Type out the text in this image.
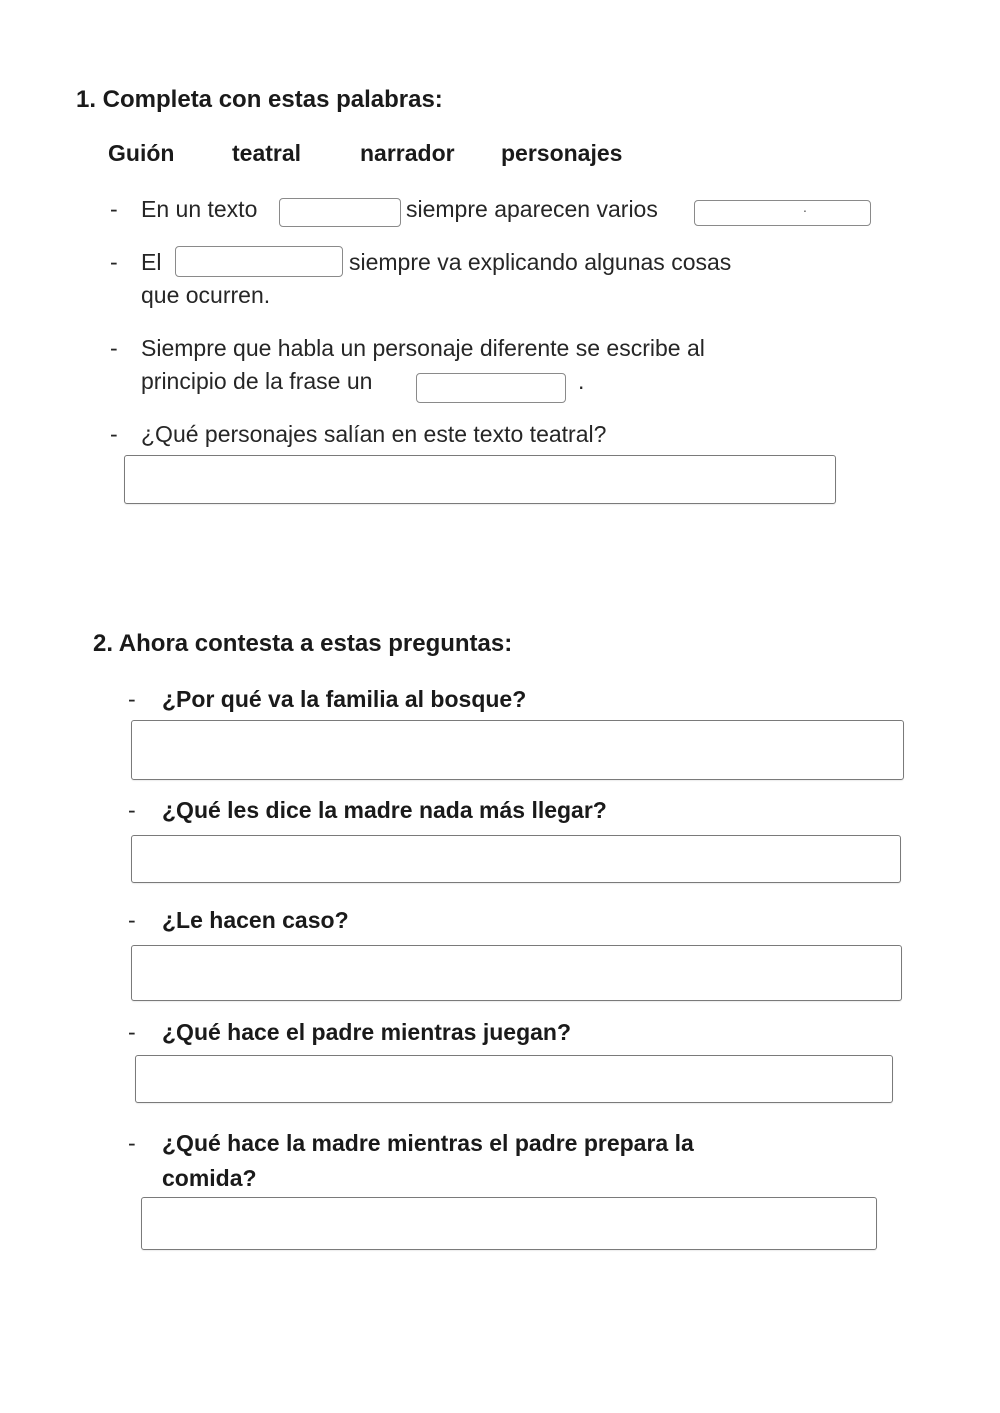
1. Completa con estas palabras:
Guión	teatral	narrador personajes
- En un texto	siempre aparecen varios	.
- El	siempre va explicando algunas cosas
que ocurren.
- Siempre que habla un personaje diferente se escribe al
principio de la frase un	.
- ¿Qué personajes salían en este texto teatral?
2. Ahora contesta a estas preguntas:
- ¿Por qué va la familia al bosque?
- ¿Qué les dice la madre nada más llegar?
- ¿Le hacen caso?
- ¿Qué hace el padre mientras juegan?
- ¿Qué hace la madre mientras el padre prepara la
comida?
